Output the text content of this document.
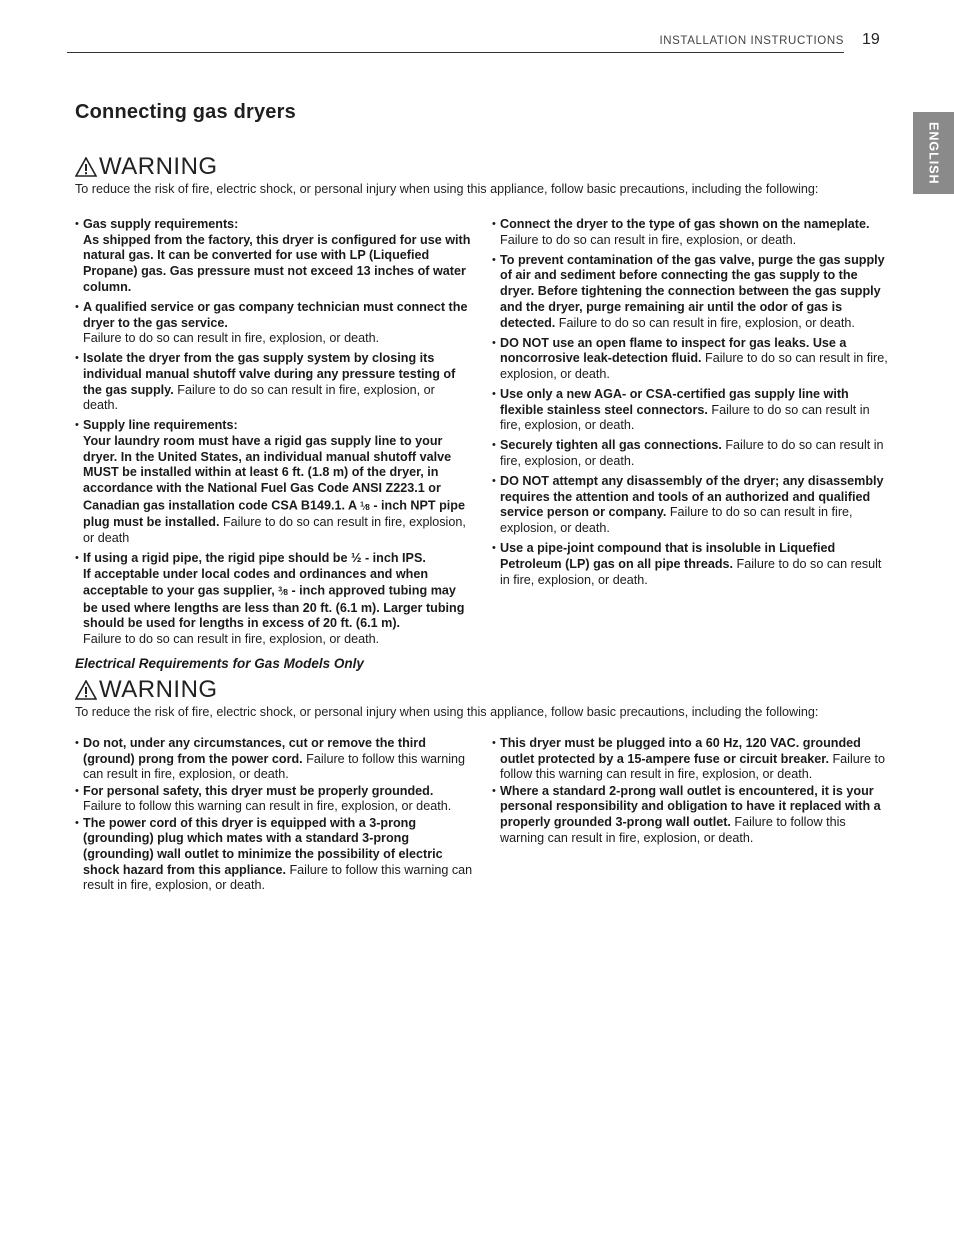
INSTALLATION INSTRUCTIONS 19
ENGLISH
Connecting gas dryers
WARNING

To reduce the risk of fire, electric shock, or personal injury when using this appliance, follow basic precautions, including the following:

• Gas supply requirements:
As shipped from the factory, this dryer is configured for use with natural gas. It can be converted for use with LP (Liquefied Propane) gas. Gas pressure must not exceed 13 inches of water column.
• A qualified service or gas company technician must connect the dryer to the gas service.
Failure to do so can result in fire, explosion, or death.
• Isolate the dryer from the gas supply system by closing its individual manual shutoff valve during any pressure testing of the gas supply. Failure to do so can result in fire, explosion, or death.
• Supply line requirements:
Your laundry room must have a rigid gas supply line to your dryer. In the United States, an individual manual shutoff valve MUST be installed within at least 6 ft. (1.8 m) of the dryer, in accordance with the National Fuel Gas Code ANSI Z223.1 or Canadian gas installation code CSA B149.1. A $^1$⁄8 - inch NPT pipe plug must be installed. Failure to do so can result in fire, explosion, or death
• If using a rigid pipe, the rigid pipe should be ½ - inch IPS.
If acceptable under local codes and ordinances and when acceptable to your gas supplier, $^3$⁄8 - inch approved tubing may be used where lengths are less than 20 ft. (6.1 m). Larger tubing should be used for lengths in excess of 20 ft. (6.1 m).
Failure to do so can result in fire, explosion, or death.
• Connect the dryer to the type of gas shown on the nameplate.
Failure to do so can result in fire, explosion, or death.
• To prevent contamination of the gas valve, purge the gas supply of air and sediment before connecting the gas supply to the dryer. Before tightening the connection between the gas supply and the dryer, purge remaining air until the odor of gas is detected. Failure to do so can result in fire, explosion, or death.
• DO NOT use an open flame to inspect for gas leaks. Use a noncorrosive leak-detection fluid. Failure to do so can result in fire, explosion, or death.
• Use only a new AGA- or CSA-certified gas supply line with flexible stainless steel connectors. Failure to do so can result in fire, explosion, or death.
• Securely tighten all gas connections. Failure to do so can result in fire, explosion, or death.
• DO NOT attempt any disassembly of the dryer; any disassembly requires the attention and tools of an authorized and qualified service person or company. Failure to do so can result in fire, explosion, or death.
• Use a pipe-joint compound that is insoluble in Liquefied Petroleum (LP) gas on all pipe threads. Failure to do so can result in fire, explosion, or death.

Electrical Requirements for Gas Models Only

WARNING

To reduce the risk of fire, electric shock, or personal injury when using this appliance, follow basic precautions, including the following:

• Do not, under any circumstances, cut or remove the third (ground) prong from the power cord. Failure to follow this warning can result in fire, explosion, or death.
• For personal safety, this dryer must be properly grounded.
Failure to follow this warning can result in fire, explosion, or death.
• The power cord of this dryer is equipped with a 3-prong (grounding) plug which mates with a standard 3-prong (grounding) wall outlet to minimize the possibility of electric shock hazard from this appliance. Failure to follow this warning can result in fire, explosion, or death.
• This dryer must be plugged into a 60 Hz, 120 VAC. grounded outlet protected by a 15-ampere fuse or circuit breaker. Failure to follow this warning can result in fire, explosion, or death.
• Where a standard 2-prong wall outlet is encountered, it is your personal responsibility and obligation to have it replaced with a properly grounded 3-prong wall outlet. Failure to follow this warning can result in fire, explosion, or death.
